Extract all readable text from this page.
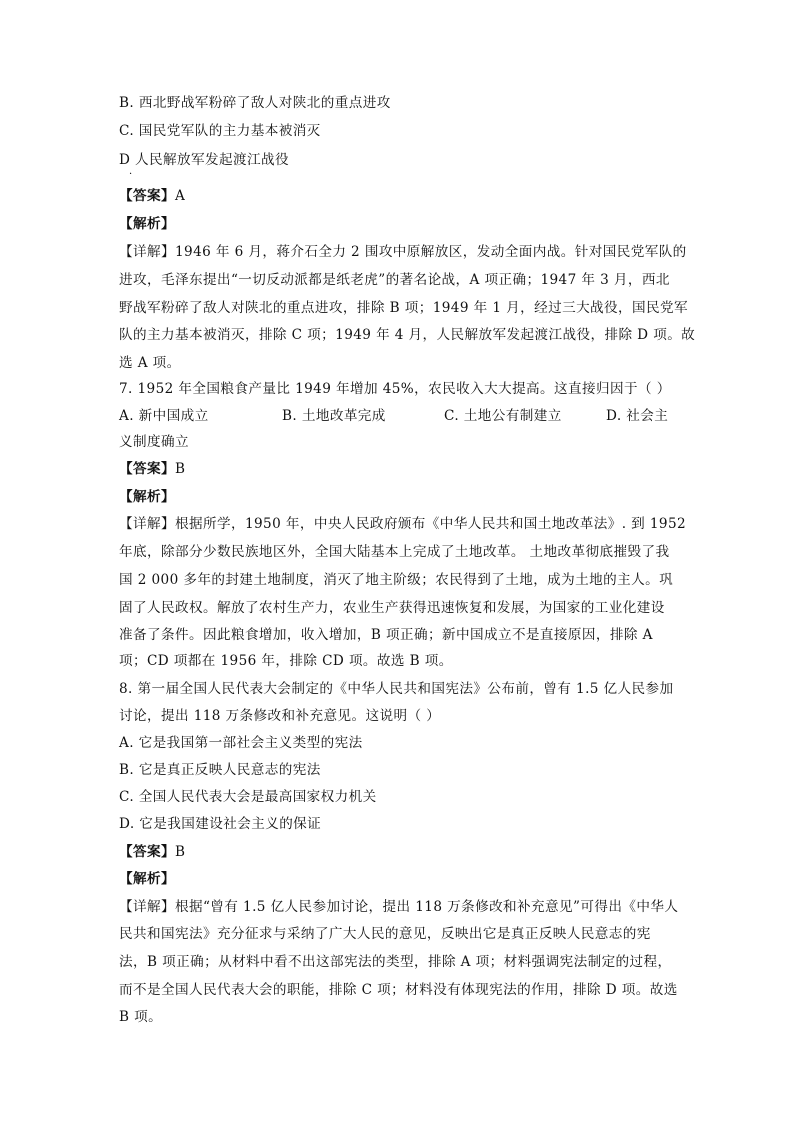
B. 西北野战军粉碎了敌人对陕北的重点进攻
C. 国民党军队的主力基本被消灭
D 人民解放军发起渡江战役
·
【答案】A
【解析】
【详解】1946 年 6 月，蒋介石全力 2 围攻中原解放区，发动全面内战。针对国民党军队的
进攻，毛泽东提出“一切反动派都是纸老虎”的著名论战，A 项正确；1947 年 3 月，西北
野战军粉碎了敌人对陕北的重点进攻，排除 B 项；1949 年 1 月，经过三大战役，国民党军
队的主力基本被消灭，排除 C 项；1949 年 4 月，人民解放军发起渡江战役，排除 D 项。故
选 A 项。
7. 1952 年全国粮食产量比 1949 年增加 45%，农民收入大大提高。这直接归因于（ ）
A. 新中国成立	B. 土地改革完成	C. 土地公有制建立	D. 社会主
义制度确立
【答案】B
【解析】
【详解】根据所学，1950 年，中央人民政府颁布《中华人民共和国土地改革法》. 到 1952
年底，除部分少数民族地区外，全国大陆基本上完成了土地改革。 土地改革彻底摧毁了我
国 2 000 多年的封建土地制度，消灭了地主阶级；农民得到了土地，成为土地的主人。巩
固了人民政权。解放了农村生产力，农业生产获得迅速恢复和发展，为国家的工业化建设
准备了条件。因此粮食增加，收入增加，B 项正确；新中国成立不是直接原因，排除 A
项；CD 项都在 1956 年，排除 CD 项。故选 B 项。
8. 第一届全国人民代表大会制定的《中华人民共和国宪法》公布前，曾有 1.5 亿人民参加
讨论，提出 118 万条修改和补充意见。这说明（ ）
A. 它是我国第一部社会主义类型的宪法
B. 它是真正反映人民意志的宪法
C. 全国人民代表大会是最高国家权力机关
D. 它是我国建设社会主义的保证
【答案】B
【解析】
【详解】根据“曾有 1.5 亿人民参加讨论，提出 118 万条修改和补充意见”可得出《中华人
民共和国宪法》充分征求与采纳了广大人民的意见，反映出它是真正反映人民意志的宪
法，B 项正确；从材料中看不出这部宪法的类型，排除 A 项；材料强调宪法制定的过程，
而不是全国人民代表大会的职能，排除 C 项；材料没有体现宪法的作用，排除 D 项。故选
B 项。
